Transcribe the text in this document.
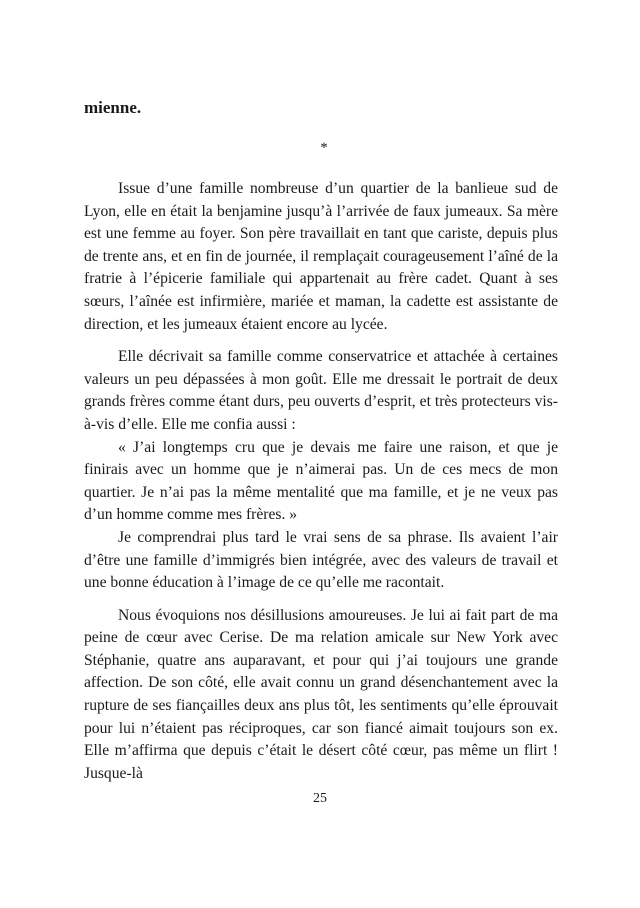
mienne.

*

Issue d’une famille nombreuse d’un quartier de la banlieue sud de Lyon, elle en était la benjamine jusqu’à l’arrivée de faux jumeaux. Sa mère est une femme au foyer. Son père travaillait en tant que cariste, depuis plus de trente ans, et en fin de journée, il remplaçait courageusement l’aîné de la fratrie à l’épicerie familiale qui appartenait au frère cadet. Quant à ses sœurs, l’aînée est infirmière, mariée et maman, la cadette est assistante de direction, et les jumeaux étaient encore au lycée.

Elle décrivait sa famille comme conservatrice et attachée à certaines valeurs un peu dépassées à mon goût. Elle me dressait le portrait de deux grands frères comme étant durs, peu ouverts d’esprit, et très protecteurs vis-à-vis d’elle. Elle me confia aussi :

« J’ai longtemps cru que je devais me faire une raison, et que je finirais avec un homme que je n’aimerai pas. Un de ces mecs de mon quartier. Je n’ai pas la même mentalité que ma famille, et je ne veux pas d’un homme comme mes frères. »

Je comprendrai plus tard le vrai sens de sa phrase. Ils avaient l’air d’être une famille d’immigrés bien intégrée, avec des valeurs de travail et une bonne éducation à l’image de ce qu’elle me racontait.

Nous évoquions nos désillusions amoureuses. Je lui ai fait part de ma peine de cœur avec Cerise. De ma relation amicale sur New York avec Stéphanie, quatre ans auparavant, et pour qui j’ai toujours une grande affection. De son côté, elle avait connu un grand désenchantement avec la rupture de ses fiançailles deux ans plus tôt, les sentiments qu’elle éprouvait pour lui n’étaient pas réciproques, car son fiancé aimait toujours son ex. Elle m’affirma que depuis c’était le désert côté cœur, pas même un flirt ! Jusque-là

25
